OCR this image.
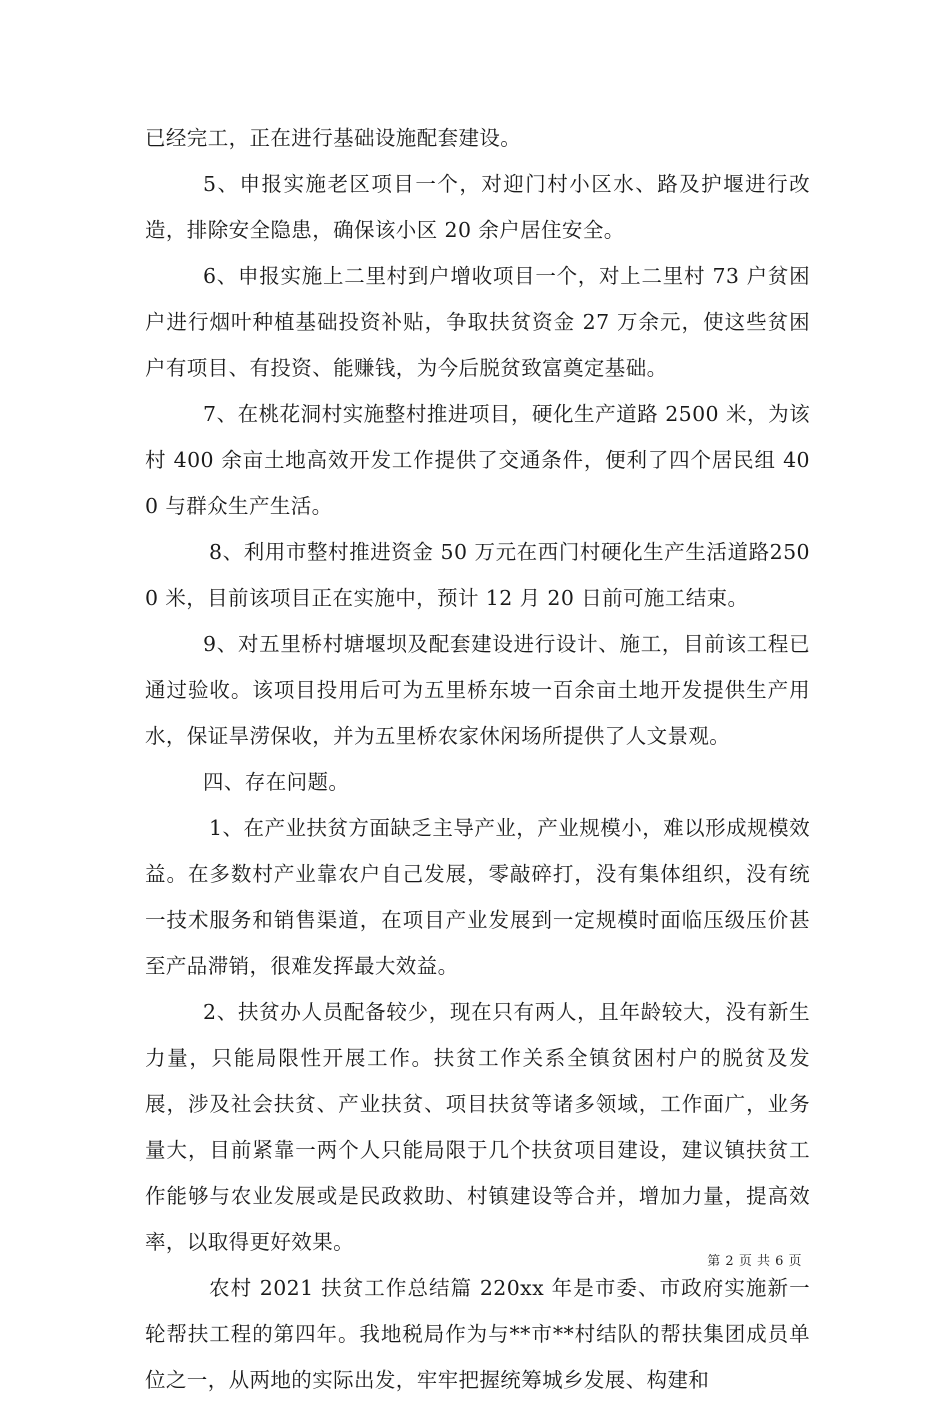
已经完工，正在进行基础设施配套建设。

5、申报实施老区项目一个，对迎门村小区水、路及护堰进行改造，排除安全隐患，确保该小区 20 余户居住安全。

6、申报实施上二里村到户增收项目一个，对上二里村 73 户贫困户进行烟叶种植基础投资补贴，争取扶贫资金 27 万余元，使这些贫困户有项目、有投资、能赚钱，为今后脱贫致富奠定基础。

7、在桃花洞村实施整村推进项目，硬化生产道路 2500 米，为该村 400 余亩土地高效开发工作提供了交通条件，便利了四个居民组 400 与群众生产生活。

8、利用市整村推进资金 50 万元在西门村硬化生产生活道路2500 米，目前该项目正在实施中，预计 12 月 20 日前可施工结束。

9、对五里桥村塘堰坝及配套建设进行设计、施工，目前该工程已通过验收。该项目投用后可为五里桥东坡一百余亩土地开发提供生产用水，保证旱涝保收，并为五里桥农家休闲场所提供了人文景观。

四、存在问题。

1、在产业扶贫方面缺乏主导产业，产业规模小，难以形成规模效益。在多数村产业靠农户自己发展，零敲碎打，没有集体组织，没有统一技术服务和销售渠道，在项目产业发展到一定规模时面临压级压价甚至产品滞销，很难发挥最大效益。

2、扶贫办人员配备较少，现在只有两人，且年龄较大，没有新生力量，只能局限性开展工作。扶贫工作关系全镇贫困村户的脱贫及发展，涉及社会扶贫、产业扶贫、项目扶贫等诸多领域，工作面广，业务量大，目前紧靠一两个人只能局限于几个扶贫项目建设，建议镇扶贫工作能够与农业发展或是民政救助、村镇建设等合并，增加力量，提高效率，以取得更好效果。

农村 2021 扶贫工作总结篇 220xx 年是市委、市政府实施新一轮帮扶工程的第四年。我地税局作为与**市**村结队的帮扶集团成员单位之一，从两地的实际出发，牢牢把握统筹城乡发展、构建和

第 2 页 共 6 页
